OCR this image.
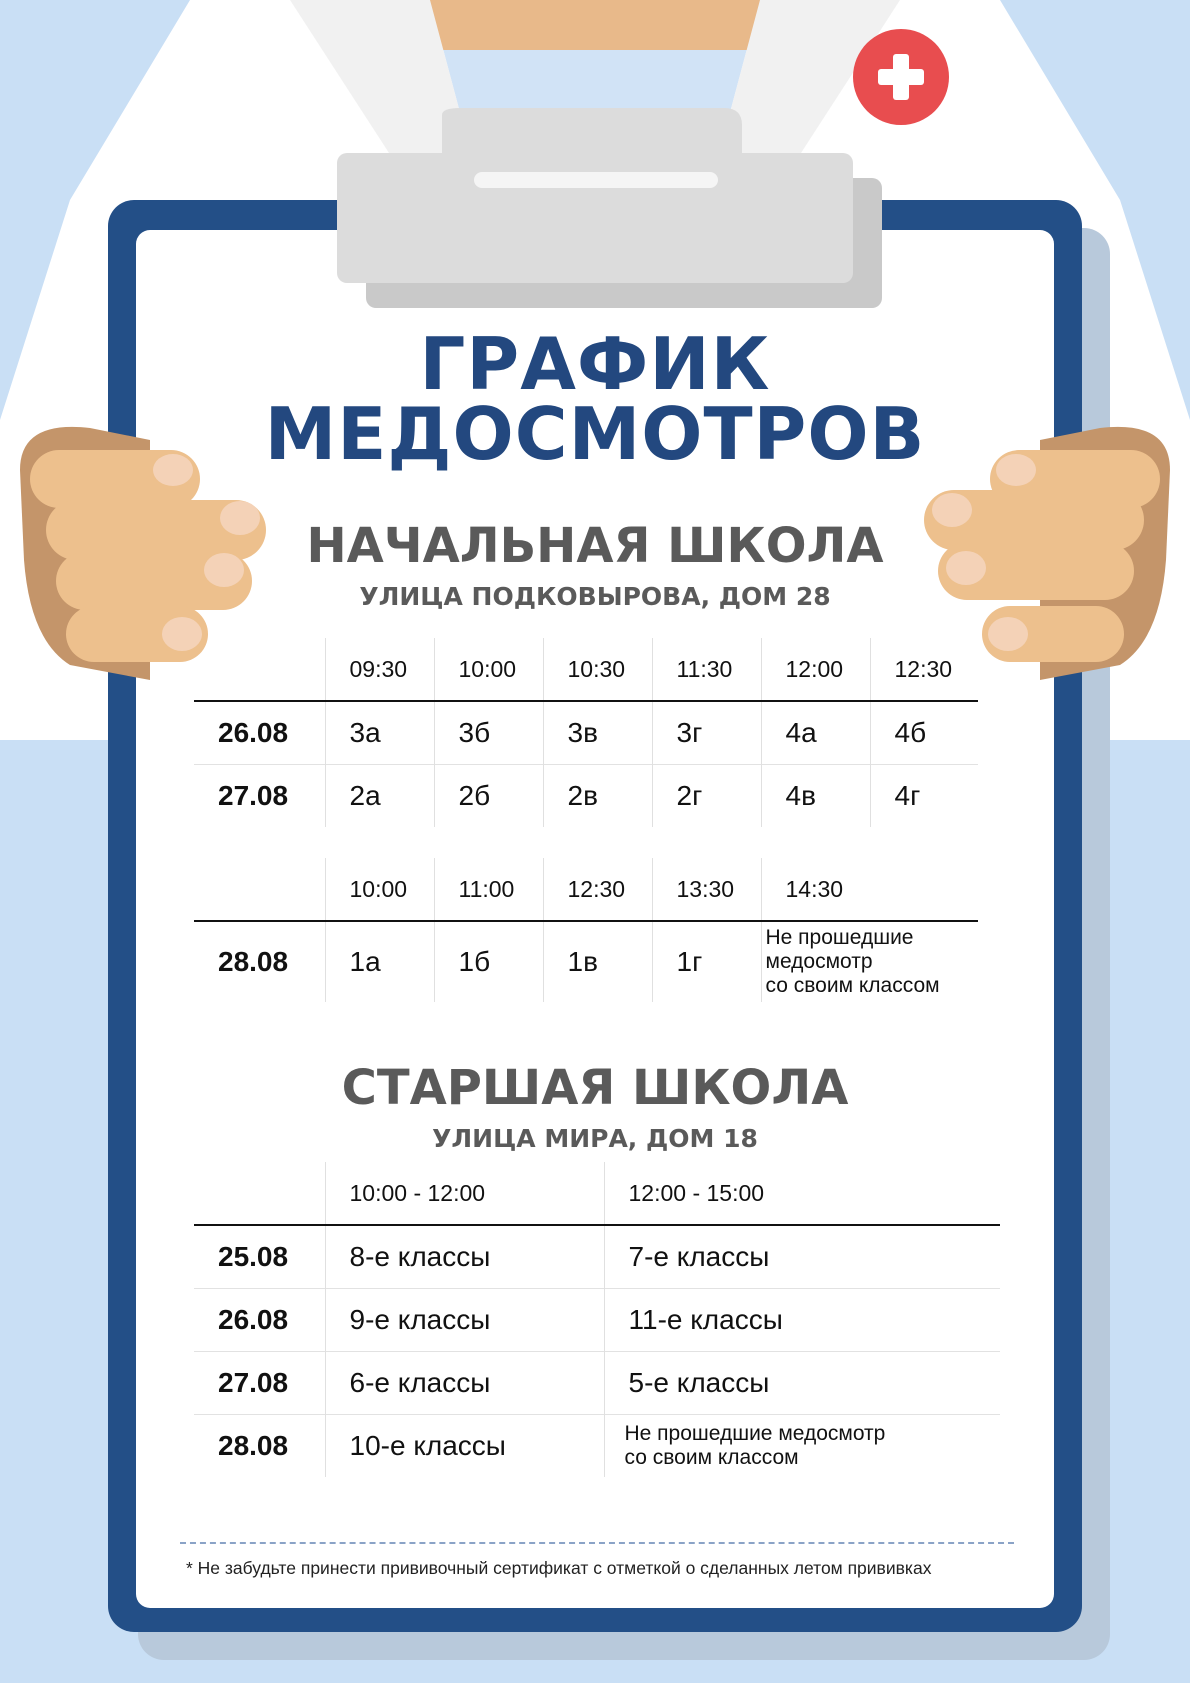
ГРАФИК
МЕДОСМОТРОВ
НАЧАЛЬНАЯ ШКОЛА
УЛИЦА ПОДКОВЫРОВА, ДОМ 28
	09:30	10:00	10:30	11:30	12:00	12:30
26.08	3а	3б	3в	3г	4а	4б
27.08	2а	2б	2в	2г	4в	4г
	10:00	11:00	12:30	13:30	14:30
28.08	1а	1б	1в	1г	Не прошедшие
медосмотр
со своим классом
СТАРШАЯ ШКОЛА
УЛИЦА МИРА, ДОМ 18
	10:00 - 12:00	12:00 - 15:00
25.08	8-е классы	7-е классы
26.08	9-е классы	11-е классы
27.08	6-е классы	5-е классы
28.08	10-е классы	Не прошедшие медосмотр
со своим классом
* Не забудьте принести прививочный сертификат с отметкой о сделанных летом прививках
